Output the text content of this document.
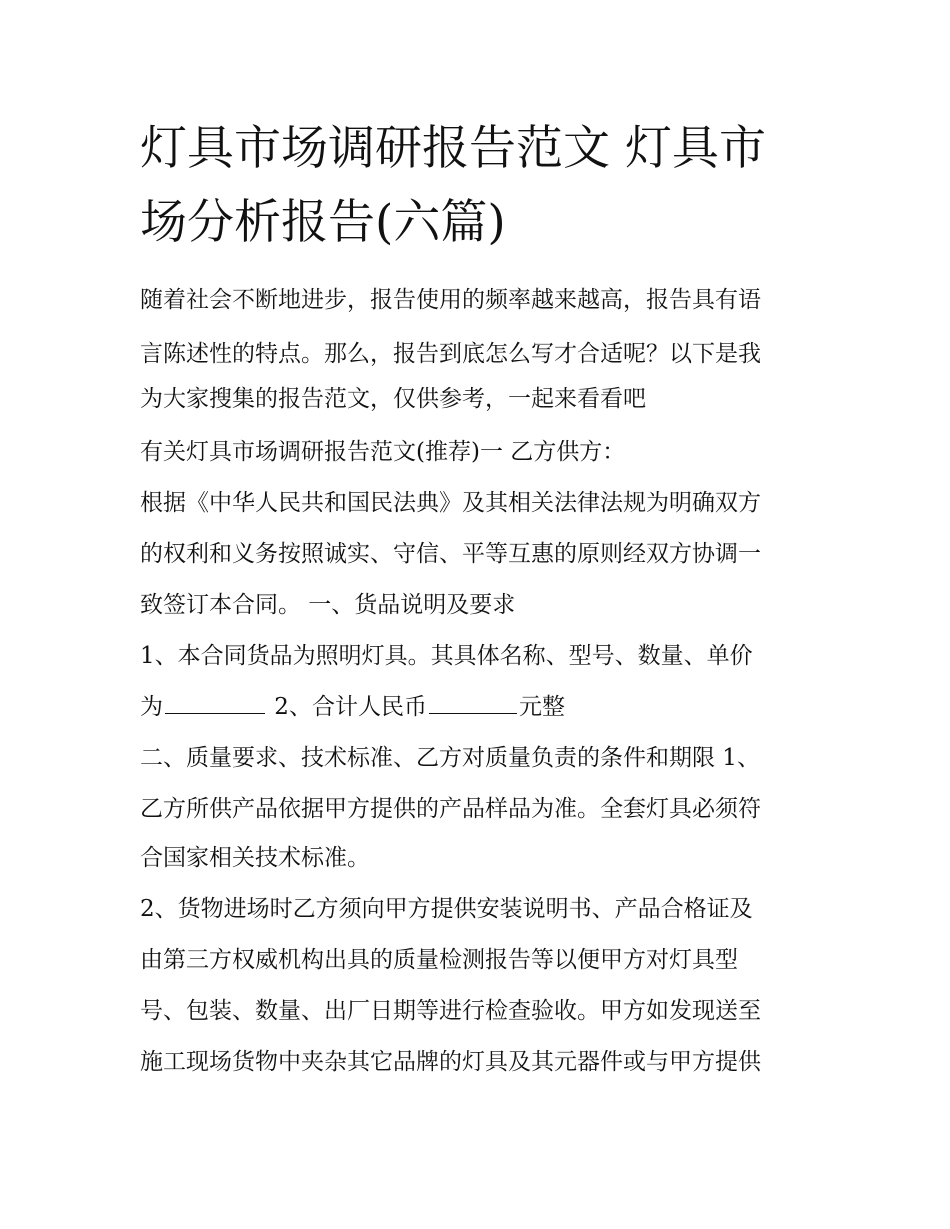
灯具市场调研报告范文 灯具市
场分析报告(六篇)
随着社会不断地进步，报告使用的频率越来越高，报告具有语
言陈述性的特点。那么，报告到底怎么写才合适呢？以下是我
为大家搜集的报告范文，仅供参考，一起来看看吧
有关灯具市场调研报告范文(推荐)一 乙方供方：
根据《中华人民共和国民法典》及其相关法律法规为明确双方
的权利和义务按照诚实、守信、平等互惠的原则经双方协调一
致签订本合同。 一、货品说明及要求
1、本合同货品为照明灯具。其具体名称、型号、数量、单价
为	2、合计人民币	元整
二、质量要求、技术标准、乙方对质量负责的条件和期限 1、
乙方所供产品依据甲方提供的产品样品为准。全套灯具必须符
合国家相关技术标准。
2、货物进场时乙方须向甲方提供安装说明书、产品合格证及
由第三方权威机构出具的质量检测报告等以便甲方对灯具型
号、包装、数量、出厂日期等进行检查验收。甲方如发现送至
施工现场货物中夹杂其它品牌的灯具及其元器件或与甲方提供
